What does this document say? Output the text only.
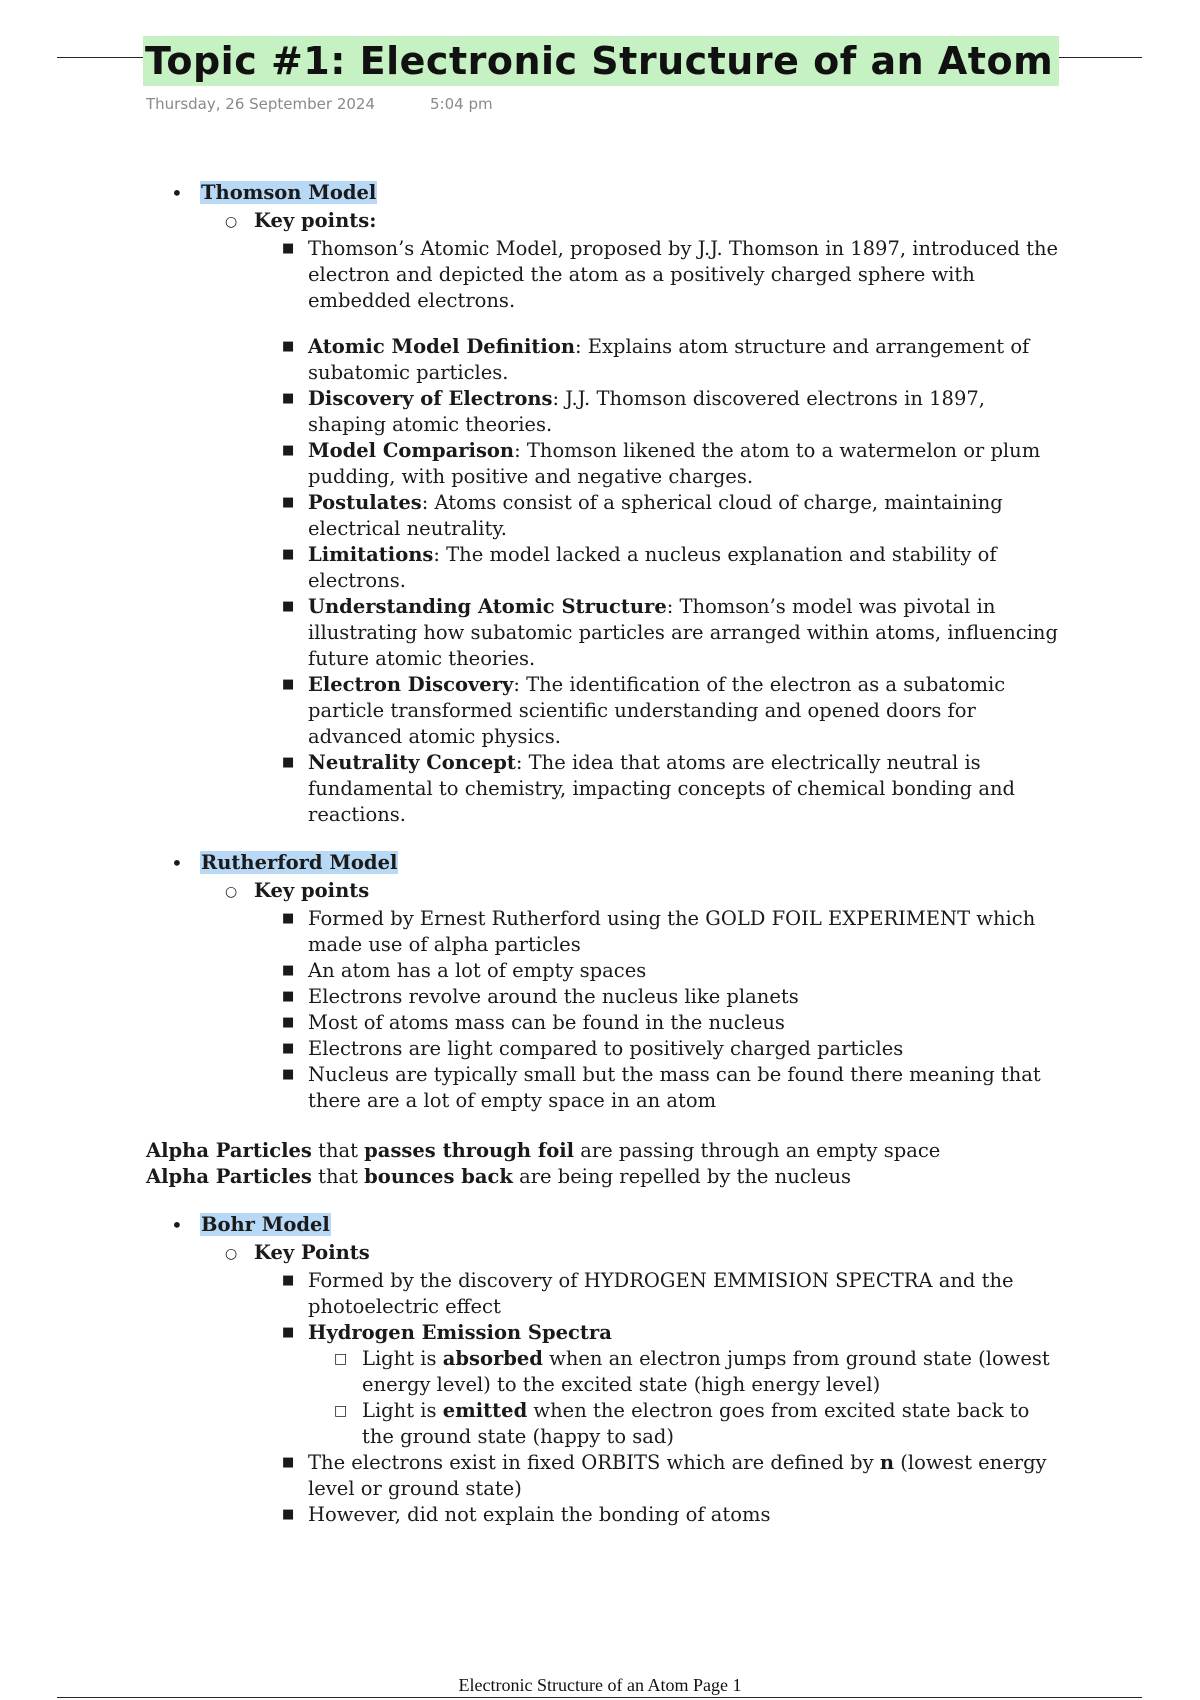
Topic #1: Electronic Structure of an Atom
Thursday, 26 September 2024	5:04 pm
• Thomson Model
○ Key points:
■ Thomson’s Atomic Model, proposed by J.J. Thomson in 1897, introduced the electron and depicted the atom as a positively charged sphere with embedded electrons.
■ Atomic Model Definition: Explains atom structure and arrangement of subatomic particles.
■ Discovery of Electrons: J.J. Thomson discovered electrons in 1897, shaping atomic theories.
■ Model Comparison: Thomson likened the atom to a watermelon or plum pudding, with positive and negative charges.
■ Postulates: Atoms consist of a spherical cloud of charge, maintaining electrical neutrality.
■ Limitations: The model lacked a nucleus explanation and stability of electrons.
■ Understanding Atomic Structure: Thomson’s model was pivotal in illustrating how subatomic particles are arranged within atoms, influencing future atomic theories.
■ Electron Discovery: The identification of the electron as a subatomic particle transformed scientific understanding and opened doors for advanced atomic physics.
■ Neutrality Concept: The idea that atoms are electrically neutral is fundamental to chemistry, impacting concepts of chemical bonding and reactions.
• Rutherford Model
○ Key points
■ Formed by Ernest Rutherford using the GOLD FOIL EXPERIMENT which made use of alpha particles
■ An atom has a lot of empty spaces
■ Electrons revolve around the nucleus like planets
■ Most of atoms mass can be found in the nucleus
■ Electrons are light compared to positively charged particles
■ Nucleus are typically small but the mass can be found there meaning that there are a lot of empty space in an atom
Alpha Particles that passes through foil are passing through an empty space
Alpha Particles that bounces back are being repelled by the nucleus
• Bohr Model
○ Key Points
■ Formed by the discovery of HYDROGEN EMMISION SPECTRA and the photoelectric effect
■ Hydrogen Emission Spectra
□ Light is absorbed when an electron jumps from ground state (lowest energy level) to the excited state (high energy level)
□ Light is emitted when the electron goes from excited state back to the ground state (happy to sad)
■ The electrons exist in fixed ORBITS which are defined by n (lowest energy level or ground state)
■ However, did not explain the bonding of atoms
Electronic Structure of an Atom Page 1
